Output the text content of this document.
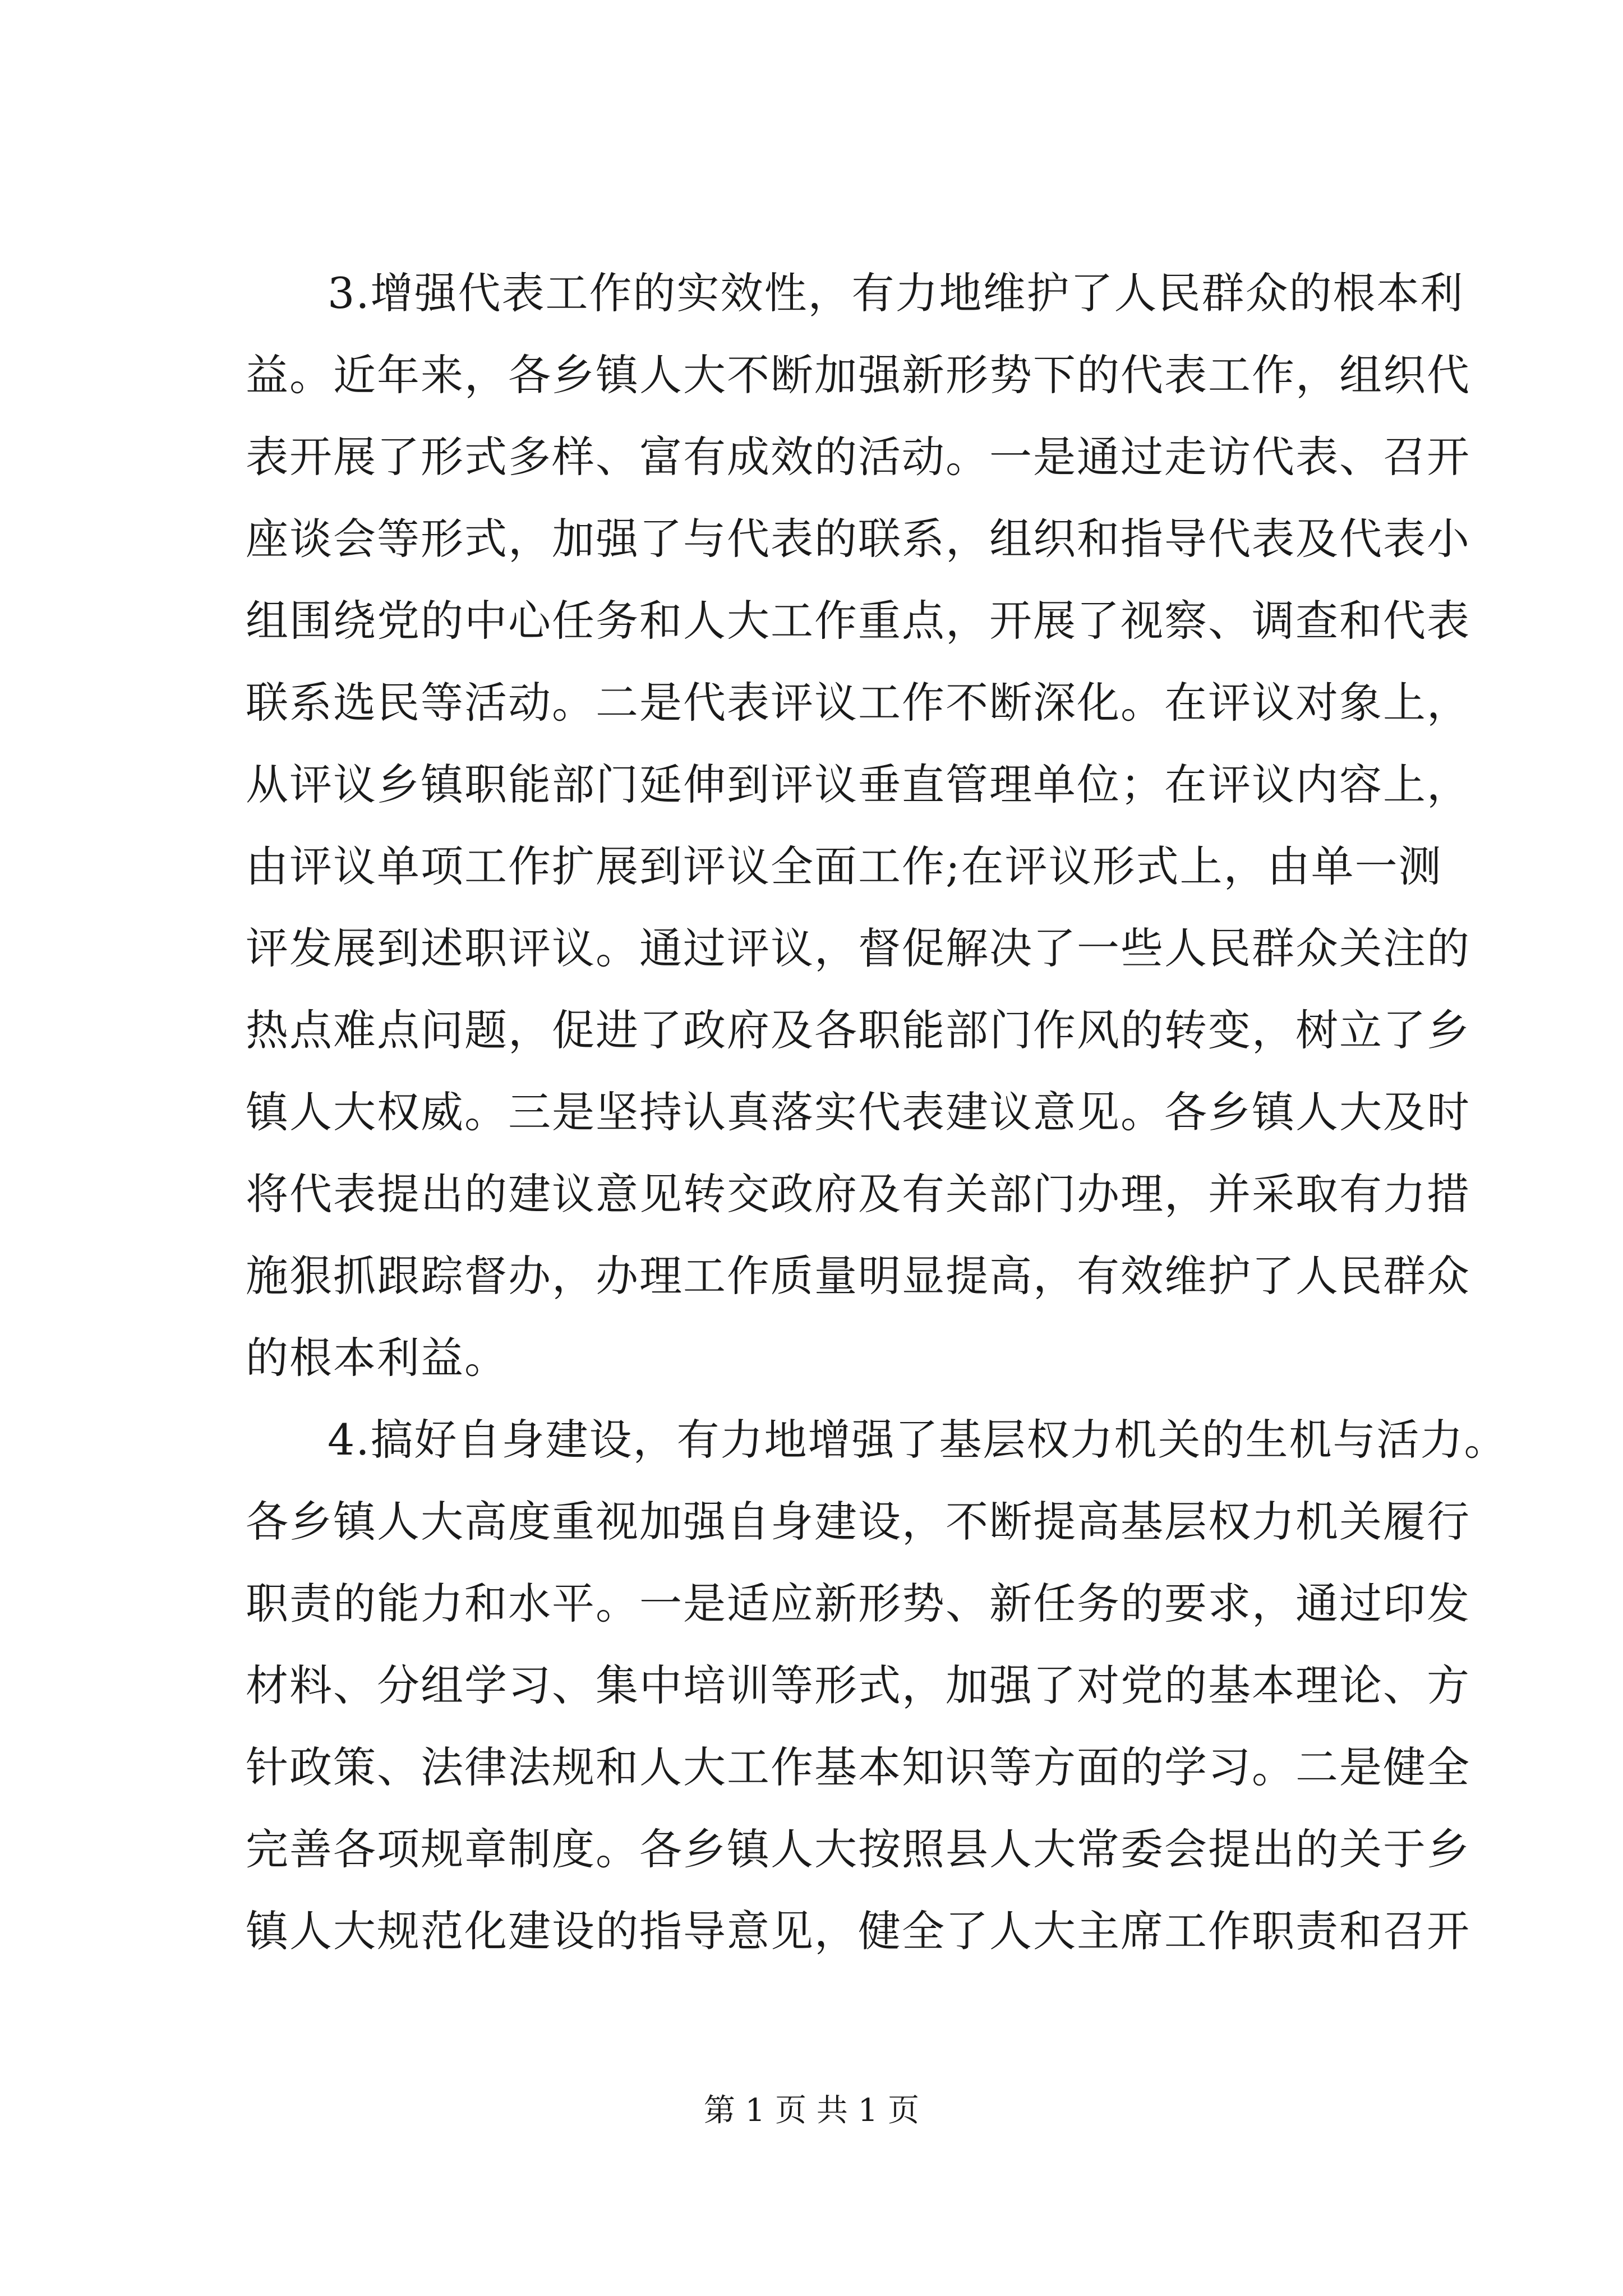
3.增强代表工作的实效性，有力地维护了人民群众的根本利
益。近年来，各乡镇人大不断加强新形势下的代表工作，组织代
表开展了形式多样、富有成效的活动。一是通过走访代表、召开
座谈会等形式，加强了与代表的联系，组织和指导代表及代表小
组围绕党的中心任务和人大工作重点，开展了视察、调查和代表
联系选民等活动。二是代表评议工作不断深化。在评议对象上，
从评议乡镇职能部门延伸到评议垂直管理单位；在评议内容上，
由评议单项工作扩展到评议全面工作;在评议形式上，由单一测
评发展到述职评议。通过评议，督促解决了一些人民群众关注的
热点难点问题，促进了政府及各职能部门作风的转变，树立了乡
镇人大权威。三是坚持认真落实代表建议意见。各乡镇人大及时
将代表提出的建议意见转交政府及有关部门办理，并采取有力措
施狠抓跟踪督办，办理工作质量明显提高，有效维护了人民群众
的根本利益。
4.搞好自身建设，有力地增强了基层权力机关的生机与活力。
各乡镇人大高度重视加强自身建设，不断提高基层权力机关履行
职责的能力和水平。一是适应新形势、新任务的要求，通过印发
材料、分组学习、集中培训等形式，加强了对党的基本理论、方
针政策、法律法规和人大工作基本知识等方面的学习。二是健全
完善各项规章制度。各乡镇人大按照县人大常委会提出的关于乡
镇人大规范化建设的指导意见，健全了人大主席工作职责和召开
第 1 页 共 1 页
